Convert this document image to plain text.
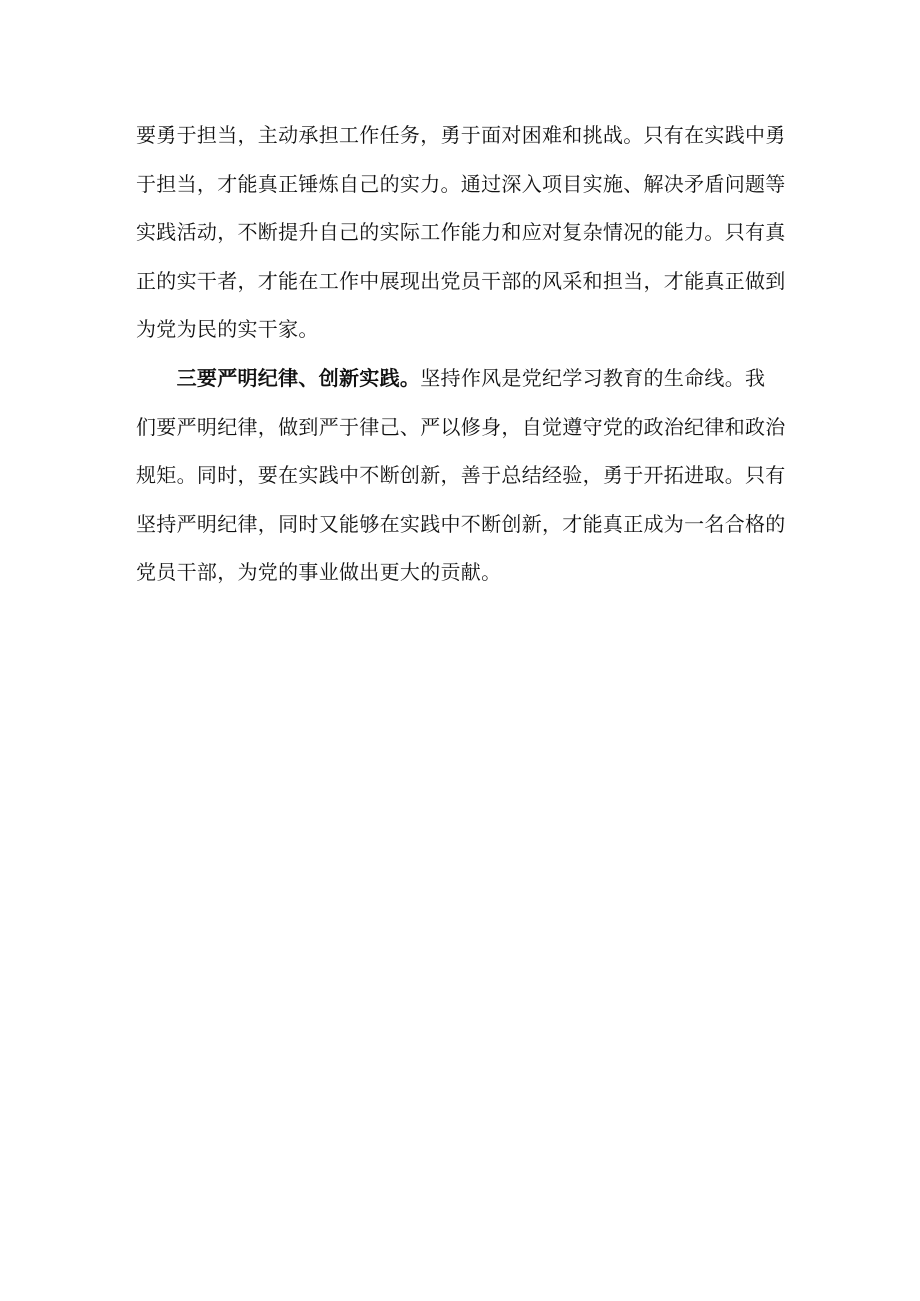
要勇于担当，主动承担工作任务，勇于面对困难和挑战。只有在实践中勇
于担当，才能真正锤炼自己的实力。通过深入项目实施、解决矛盾问题等
实践活动，不断提升自己的实际工作能力和应对复杂情况的能力。只有真
正的实干者，才能在工作中展现出党员干部的风采和担当，才能真正做到
为党为民的实干家。

　　三要严明纪律、创新实践。坚持作风是党纪学习教育的生命线。我
们要严明纪律，做到严于律己、严以修身，自觉遵守党的政治纪律和政治
规矩。同时，要在实践中不断创新，善于总结经验，勇于开拓进取。只有
坚持严明纪律，同时又能够在实践中不断创新，才能真正成为一名合格的
党员干部，为党的事业做出更大的贡献。
